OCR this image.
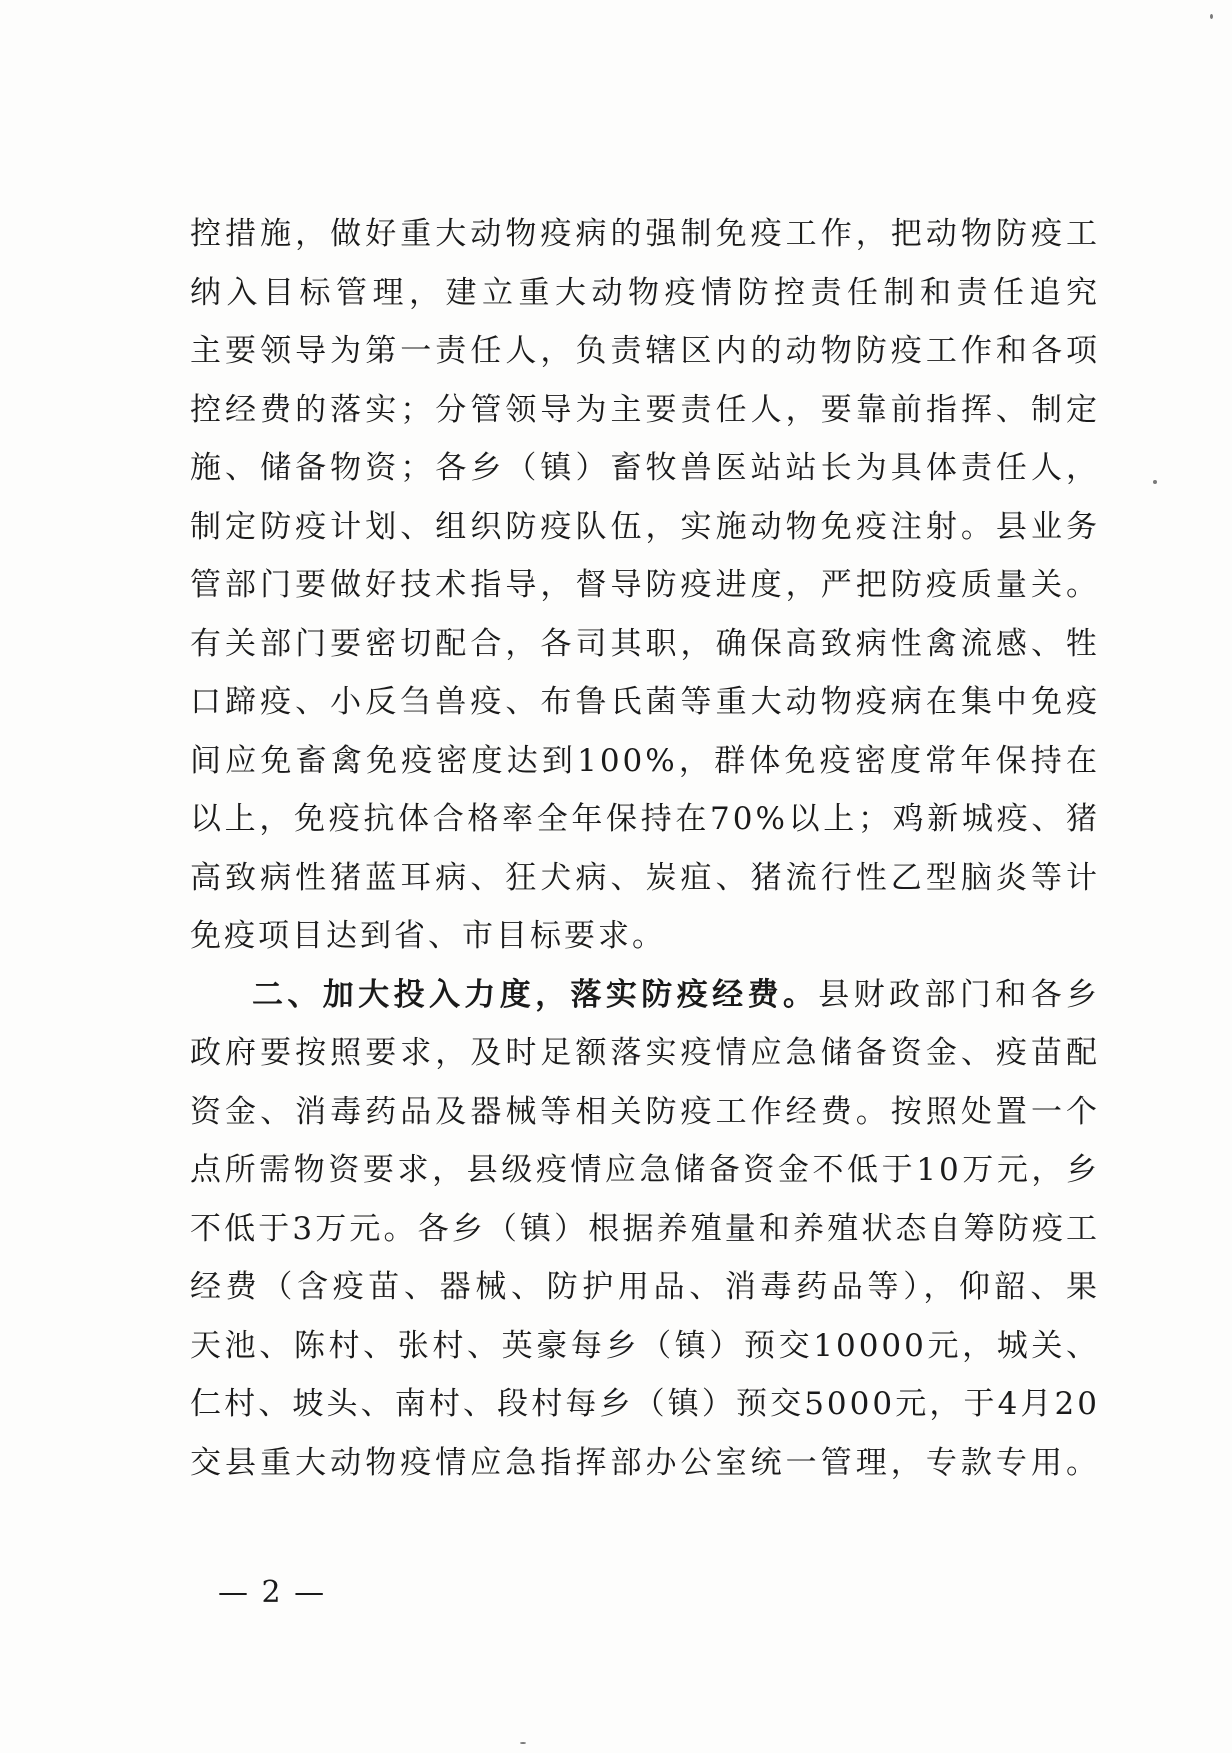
控措施，做好重大动物疫病的强制免疫工作，把动物防疫工
纳入目标管理，建立重大动物疫情防控责任制和责任追究
主要领导为第一责任人，负责辖区内的动物防疫工作和各项
控经费的落实；分管领导为主要责任人，要靠前指挥、制定
施、储备物资；各乡（镇）畜牧兽医站站长为具体责任人，
制定防疫计划、组织防疫队伍，实施动物免疫注射。县业务
管部门要做好技术指导，督导防疫进度，严把防疫质量关。
有关部门要密切配合，各司其职，确保高致病性禽流感、牲
口蹄疫、小反刍兽疫、布鲁氏菌等重大动物疫病在集中免疫
间应免畜禽免疫密度达到100%，群体免疫密度常年保持在
以上，免疫抗体合格率全年保持在70%以上；鸡新城疫、猪
高致病性猪蓝耳病、狂犬病、炭疽、猪流行性乙型脑炎等计
免疫项目达到省、市目标要求。
二、加大投入力度，落实防疫经费。县财政部门和各乡
政府要按照要求，及时足额落实疫情应急储备资金、疫苗配
资金、消毒药品及器械等相关防疫工作经费。按照处置一个
点所需物资要求，县级疫情应急储备资金不低于10万元，乡
不低于3万元。各乡（镇）根据养殖量和养殖状态自筹防疫工
经费（含疫苗、器械、防护用品、消毒药品等），仰韶、果
天池、陈村、张村、英豪每乡（镇）预交10000元，城关、
仁村、坡头、南村、段村每乡（镇）预交5000元，于4月20
交县重大动物疫情应急指挥部办公室统一管理，专款专用。
— 2 —
